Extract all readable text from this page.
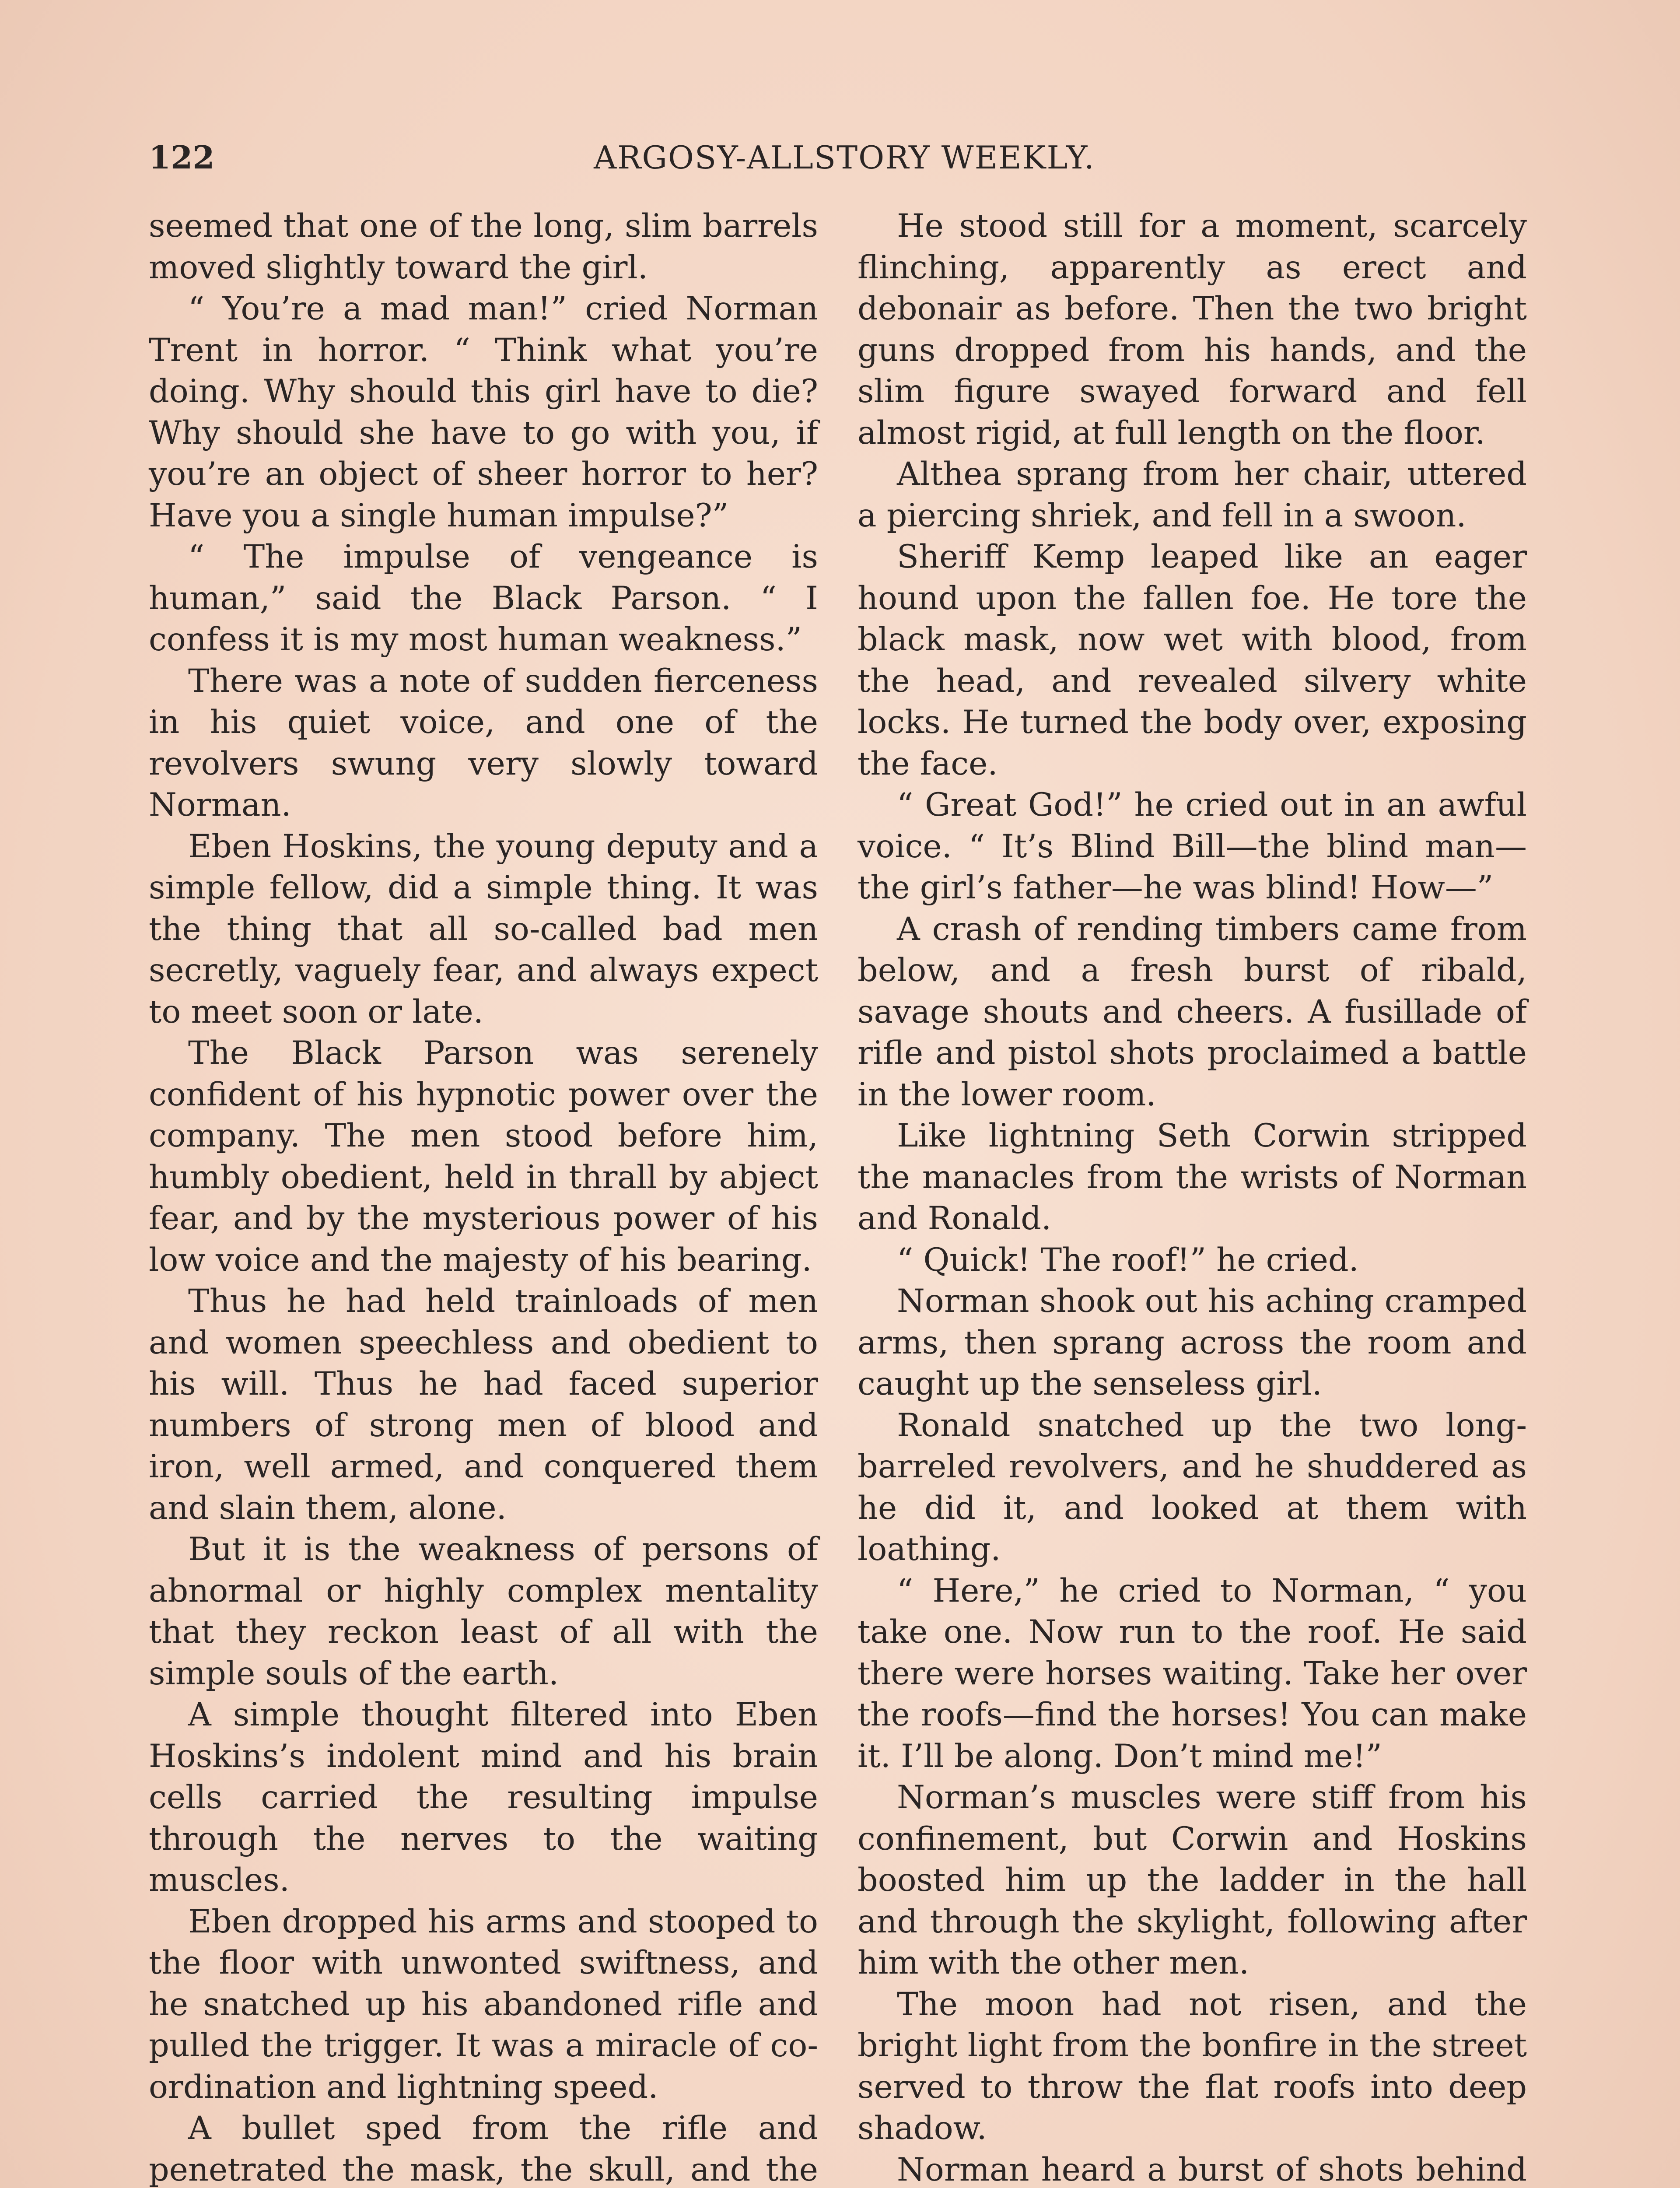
122	ARGOSY-ALLSTORY WEEKLY.

seemed that one of the long, slim barrels moved slightly toward the girl.

“ You’re a mad man!” cried Norman Trent in horror. “ Think what you’re doing. Why should this girl have to die? Why should she have to go with you, if you’re an object of sheer horror to her? Have you a single human impulse?”

“ The impulse of vengeance is human,” said the Black Parson. “ I confess it is my most human weakness.”

There was a note of sudden fierceness in his quiet voice, and one of the revolvers swung very slowly toward Norman.

Eben Hoskins, the young deputy and a simple fellow, did a simple thing. It was the thing that all so-called bad men secretly, vaguely fear, and always expect to meet soon or late.

The Black Parson was serenely confident of his hypnotic power over the company. The men stood before him, humbly obedient, held in thrall by abject fear, and by the mysterious power of his low voice and the majesty of his bearing.

Thus he had held trainloads of men and women speechless and obedient to his will. Thus he had faced superior numbers of strong men of blood and iron, well armed, and conquered them and slain them, alone.

But it is the weakness of persons of abnormal or highly complex mentality that they reckon least of all with the simple souls of the earth.

A simple thought filtered into Eben Hoskins’s indolent mind and his brain cells carried the resulting impulse through the nerves to the waiting muscles.

Eben dropped his arms and stooped to the floor with unwonted swiftness, and he snatched up his abandoned rifle and pulled the trigger. It was a miracle of co-ordination and lightning speed.

A bullet sped from the rifle and penetrated the mask, the skull, and the

He stood still for a moment, scarcely flinching, apparently as erect and debonair as before. Then the two bright guns dropped from his hands, and the slim figure swayed forward and fell almost rigid, at full length on the floor.

Althea sprang from her chair, uttered a piercing shriek, and fell in a swoon.

Sheriff Kemp leaped like an eager hound upon the fallen foe. He tore the black mask, now wet with blood, from the head, and revealed silvery white locks. He turned the body over, exposing the face.

“ Great God!” he cried out in an awful voice. “ It’s Blind Bill—the blind man—the girl’s father—he was blind! How—”

A crash of rending timbers came from below, and a fresh burst of ribald, savage shouts and cheers. A fusillade of rifle and pistol shots proclaimed a battle in the lower room.

Like lightning Seth Corwin stripped the manacles from the wrists of Norman and Ronald.

“ Quick! The roof!” he cried.

Norman shook out his aching cramped arms, then sprang across the room and caught up the senseless girl.

Ronald snatched up the two long-barreled revolvers, and he shuddered as he did it, and looked at them with loathing.

“ Here,” he cried to Norman, “ you take one. Now run to the roof. He said there were horses waiting. Take her over the roofs—find the horses! You can make it. I’ll be along. Don’t mind me!”

Norman’s muscles were stiff from his confinement, but Corwin and Hoskins boosted him up the ladder in the hall and through the skylight, following after him with the other men.

The moon had not risen, and the bright light from the bonfire in the street served to throw the flat roofs into deep shadow.

Norman heard a burst of shots behind
